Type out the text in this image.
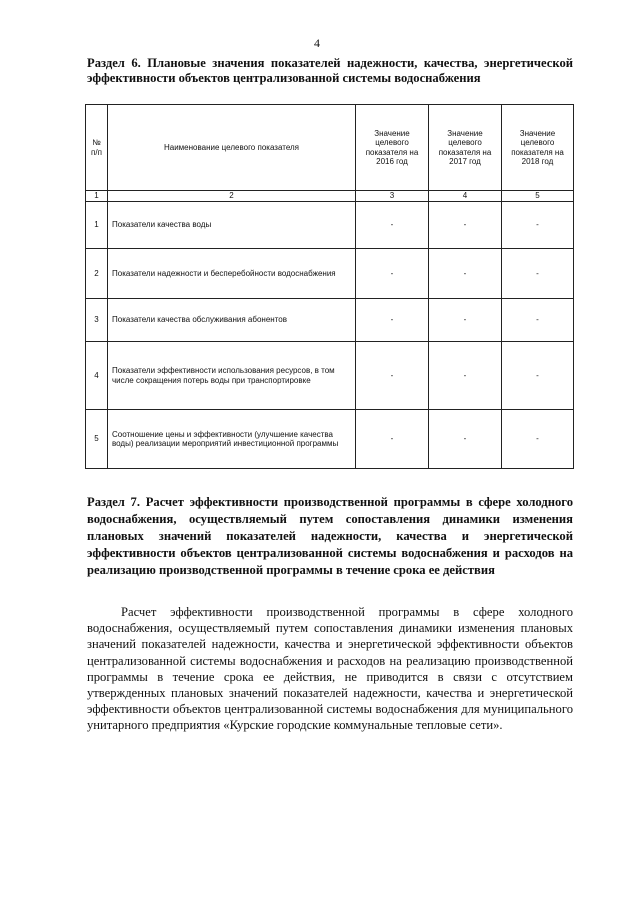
4

Раздел 6. Плановые значения показателей надежности, качества, энергетической эффективности объектов централизованной системы водоснабжения

№ п/п	Наименование целевого показателя	Значение целевого показателя на 2016 год	Значение целевого показателя на 2017 год	Значение целевого показателя на 2018 год
1	2	3	4	5
1	Показатели качества воды	-	-	-
2	Показатели надежности и бесперебойности водоснабжения	-	-	-
3	Показатели качества обслуживания абонентов	-	-	-
4	Показатели эффективности использования ресурсов, в том числе сокращения потерь воды при транспортировке	-	-	-
5	Соотношение цены и эффективности (улучшение качества воды) реализации мероприятий инвестиционной программы	-	-	-

Раздел 7. Расчет эффективности производственной программы в сфере холодного водоснабжения, осуществляемый путем сопоставления динамики изменения плановых значений показателей надежности, качества и энергетической эффективности объектов централизованной системы водоснабжения и расходов на реализацию производственной программы в течение срока ее действия

Расчет эффективности производственной программы в сфере холодного водоснабжения, осуществляемый путем сопоставления динамики изменения плановых значений показателей надежности, качества и энергетической эффективности объектов централизованной системы водоснабжения и расходов на реализацию производственной программы в течение срока ее действия, не приводится в связи с отсутствием утвержденных плановых значений показателей надежности, качества и энергетической эффективности объектов централизованной системы водоснабжения для муниципального унитарного предприятия «Курские городские коммунальные тепловые сети».
